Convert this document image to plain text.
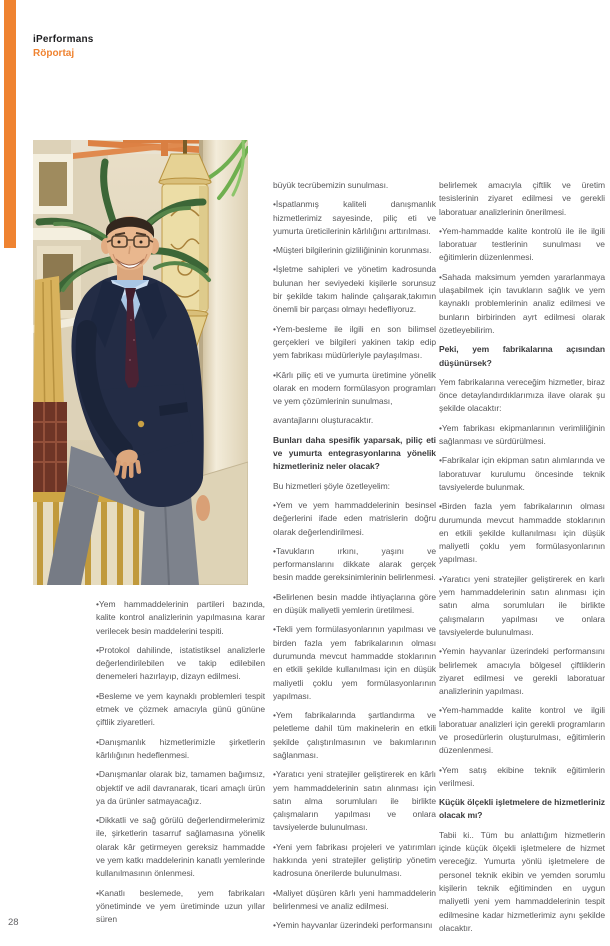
iPerformans
Röportaj

•Yem hammaddelerinin partileri bazında, kalite kontrol analizlerinin yapılmasına karar verilecek besin maddelerini tespiti.

•Protokol dahilinde, istatistiksel analizlerle değerlendirilebilen ve takip edilebilen denemeleri hazırlayıp, dizayn edilmesi.

•Besleme ve yem kaynaklı problemleri tespit etmek ve çözmek amacıyla günü gününe çiftlik ziyaretleri.

•Danışmanlık hizmetlerimizle şirketlerin kârlılığının hedeflenmesi.

•Danışmanlar olarak biz, tamamen bağımsız, objektif ve adil davranarak, ticari amaçlı ürün ya da ürünler satmayacağız.

•Dikkatli ve sağ görülü değerlendirmelerimiz ile, şirketlerin tasarruf sağlamasına yönelik olarak kâr getirmeyen gereksiz hammadde ve yem katkı maddelerinin kanatlı yemlerinde kullanılmasının önlenmesi.

•Kanatlı beslemede, yem fabrikaları yönetiminde ve yem üretiminde uzun yıllar süren

büyük tecrübemizin sunulması.

•İspatlanmış kaliteli danışmanlık hizmetlerimiz sayesinde, piliç eti ve yumurta üreticilerinin kârlılığını arttırılması.

•Müşteri bilgilerinin gizliliğininin korunması.

•İşletme sahipleri ve yönetim kadrosunda bulunan her seviyedeki kişilerle sorunsuz bir şekilde takım halinde çalışarak,takımın önemli bir parçası olmayı hedefliyoruz.

•Yem-besleme ile ilgili en son bilimsel gerçekleri ve bilgileri yakinen takip edip yem fabrikası müdürleriyle paylaşılması.

•Kârlı piliç eti ve yumurta üretimine yönelik olarak en modern formülasyon programları ve yem çözümlerinin sunulması,

avantajlarını oluşturacaktır.

Bunları daha spesifik yaparsak, piliç eti ve yumurta entegrasyonlarına yönelik hizmetleriniz neler olacak?

Bu hizmetleri şöyle özetleyelim:

•Yem ve yem hammaddelerinin besinsel değerlerini ifade eden matrislerin doğru olarak değerlendirilmesi.

•Tavukların ırkını, yaşını ve performanslarını dikkate alarak gerçek besin madde gereksinimlerinin belirlenmesi.

•Belirlenen besin madde ihtiyaçlarına göre en düşük maliyetli yemlerin üretilmesi.

•Tekli yem formülasyonlarının yapılması ve birden fazla yem fabrikalarının olması durumunda mevcut hammadde stoklarının en etkili şekilde kullanılması için en düşük maliyetli çoklu yem formülasyonlarının yapılması.

•Yem fabrikalarında şartlandırma ve peletleme dahil tüm makinelerin en etkili şekilde çalıştırılmasının ve bakımlarının sağlanması.

•Yaratıcı yeni stratejiler geliştirerek en kârlı yem hammaddelerinin satın alınması için satın alma sorumluları ile birlikte çalışmaların yapılması ve onlara tavsiyelerde bulunulması.

•Yeni yem fabrikası projeleri ve yatırımları hakkında yeni stratejiler geliştirip yönetim kadrosuna önerilerde bulunulması.

•Maliyet düşüren kârlı yeni hammaddelerin belirlenmesi ve analiz edilmesi.

•Yemin hayvanlar üzerindeki performansını

belirlemek amacıyla çiftlik ve üretim tesislerinin ziyaret edilmesi ve gerekli laboratuar analizlerinin önerilmesi.

•Yem-hammadde kalite kontrolü ile ile ilgili laboratuar testlerinin sunulması ve eğitimlerin düzenlenmesi.

•Sahada maksimum yemden yararlanmaya ulaşabilmek için tavukların sağlık ve yem kaynaklı problemlerinin analiz edilmesi ve bunların birbirinden ayrt edilmesi olarak özetleyebilirim.

Peki, yem fabrikalarına açısından düşünürsek?

Yem fabrikalarına vereceğim hizmetler, biraz önce detaylandırdıklarımıza ilave olarak şu şekilde olacaktır:

•Yem fabrikası ekipmanlarının verimliliğinin sağlanması ve sürdürülmesi.

•Fabrikalar için ekipman satın alımlarında ve laboratuvar kurulumu öncesinde teknik tavsiyelerde bulunmak.

•Birden fazla yem fabrikalarının olması durumunda mevcut hammadde stoklarının en etkili şekilde kullanılması için düşük maliyetli çoklu yem formülasyonlarının yapılması.

•Yaratıcı yeni stratejiler geliştirerek en karlı yem hammaddelerinin satın alınması için satın alma sorumluları ile birlikte çalışmaların yapılması ve onlara tavsiyelerde bulunulması.

•Yemin hayvanlar üzerindeki performansını belirlemek amacıyla bölgesel çiftliklerin ziyaret edilmesi ve gerekli laboratuar analizlerinin yapılması.

•Yem-hammadde kalite kontrol ve ilgili laboratuar analizleri için gerekli programların ve prosedürlerin oluşturulması, eğitimlerin düzenlenmesi.

•Yem satış ekibine teknik eğitimlerin verilmesi.

Küçük ölçekli işletmelere de hizmetleriniz olacak mı?

Tabii ki.. Tüm bu anlattığım hizmetlerin içinde küçük ölçekli işletmelere de hizmet vereceğiz. Yumurta yönlü işletmelere de personel teknik ekibin ve yemden sorumlu kişilerin teknik eğitiminden en uygun maliyetli yeni yem hammaddelerinin tespit edilmesine kadar hizmetlerimiz aynı şekilde olacaktır.

28
